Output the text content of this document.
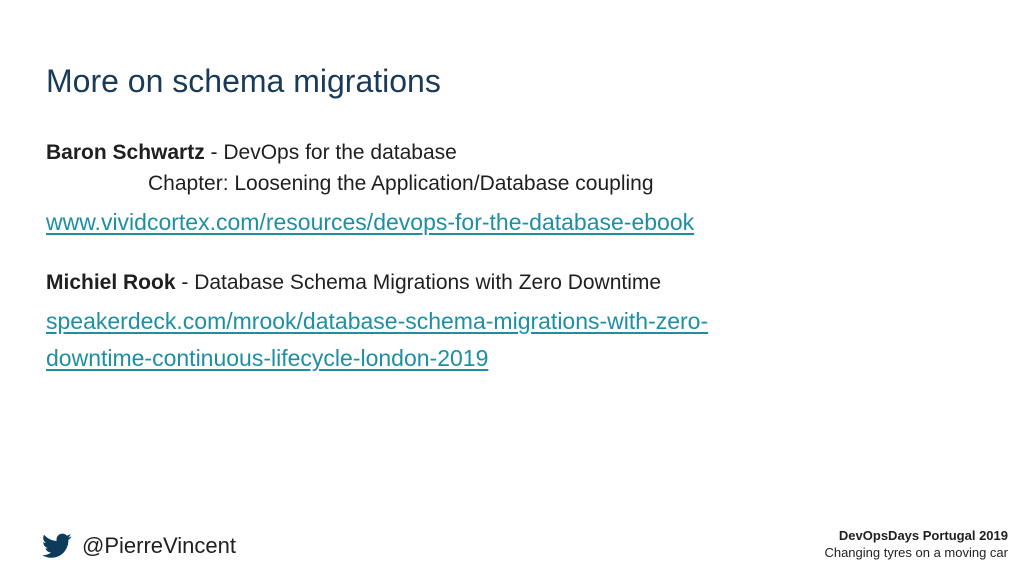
More on schema migrations
Baron Schwartz - DevOps for the database
Chapter: Loosening the Application/Database coupling
www.vividcortex.com/resources/devops-for-the-database-ebook
Michiel Rook - Database Schema Migrations with Zero Downtime
speakerdeck.com/mrook/database-schema-migrations-with-zero-
downtime-continuous-lifecycle-london-2019
@PierreVincent	DevOpsDays Portugal 2019
Changing tyres on a moving car
